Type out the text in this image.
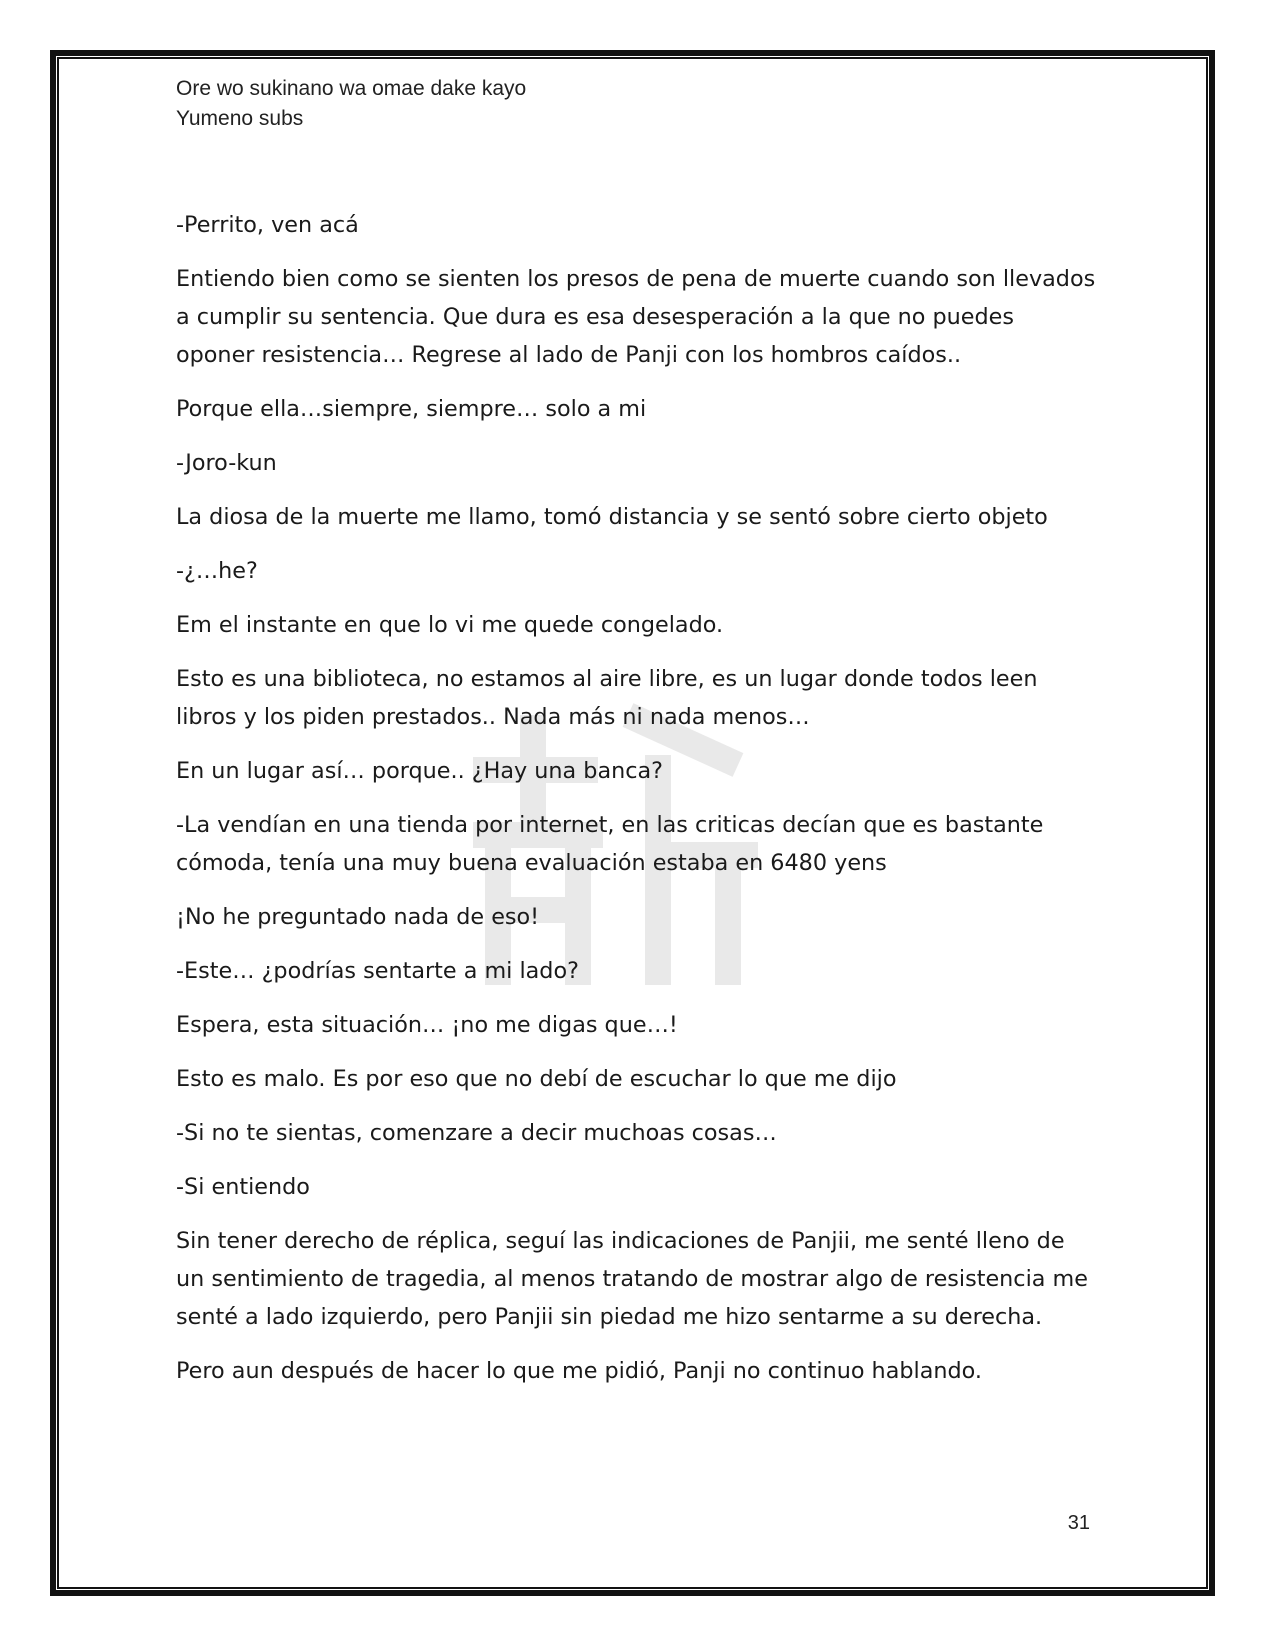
Ore wo sukinano wa omae dake kayo
Yumeno subs

-Perrito, ven acá

Entiendo bien como se sienten los presos de pena de muerte cuando son llevados a cumplir su sentencia. Que dura es esa desesperación a la que no puedes oponer resistencia… Regrese al lado de Panji con los hombros caídos..

Porque ella…siempre, siempre… solo a mi

-Joro-kun

La diosa de la muerte me llamo, tomó distancia y se sentó sobre cierto objeto

-¿…he?

Em el instante en que lo vi me quede congelado.

Esto es una biblioteca, no estamos al aire libre, es un lugar donde todos leen libros y los piden prestados.. Nada más ni nada menos…

En un lugar así… porque.. ¿Hay una banca?

-La vendían en una tienda por internet, en las criticas decían que es bastante cómoda, tenía una muy buena evaluación estaba en 6480 yens

¡No he preguntado nada de eso!

-Este… ¿podrías sentarte a mi lado?

Espera, esta situación… ¡no me digas que…!

Esto es malo. Es por eso que no debí de escuchar lo que me dijo

-Si no te sientas, comenzare a decir muchoas cosas…

-Si entiendo

Sin tener derecho de réplica, seguí las indicaciones de Panjii, me senté lleno de un sentimiento de tragedia, al menos tratando de mostrar algo de resistencia me senté a lado izquierdo, pero Panjii sin piedad me hizo sentarme a su derecha.

Pero aun después de hacer lo que me pidió, Panji no continuo hablando.

31
